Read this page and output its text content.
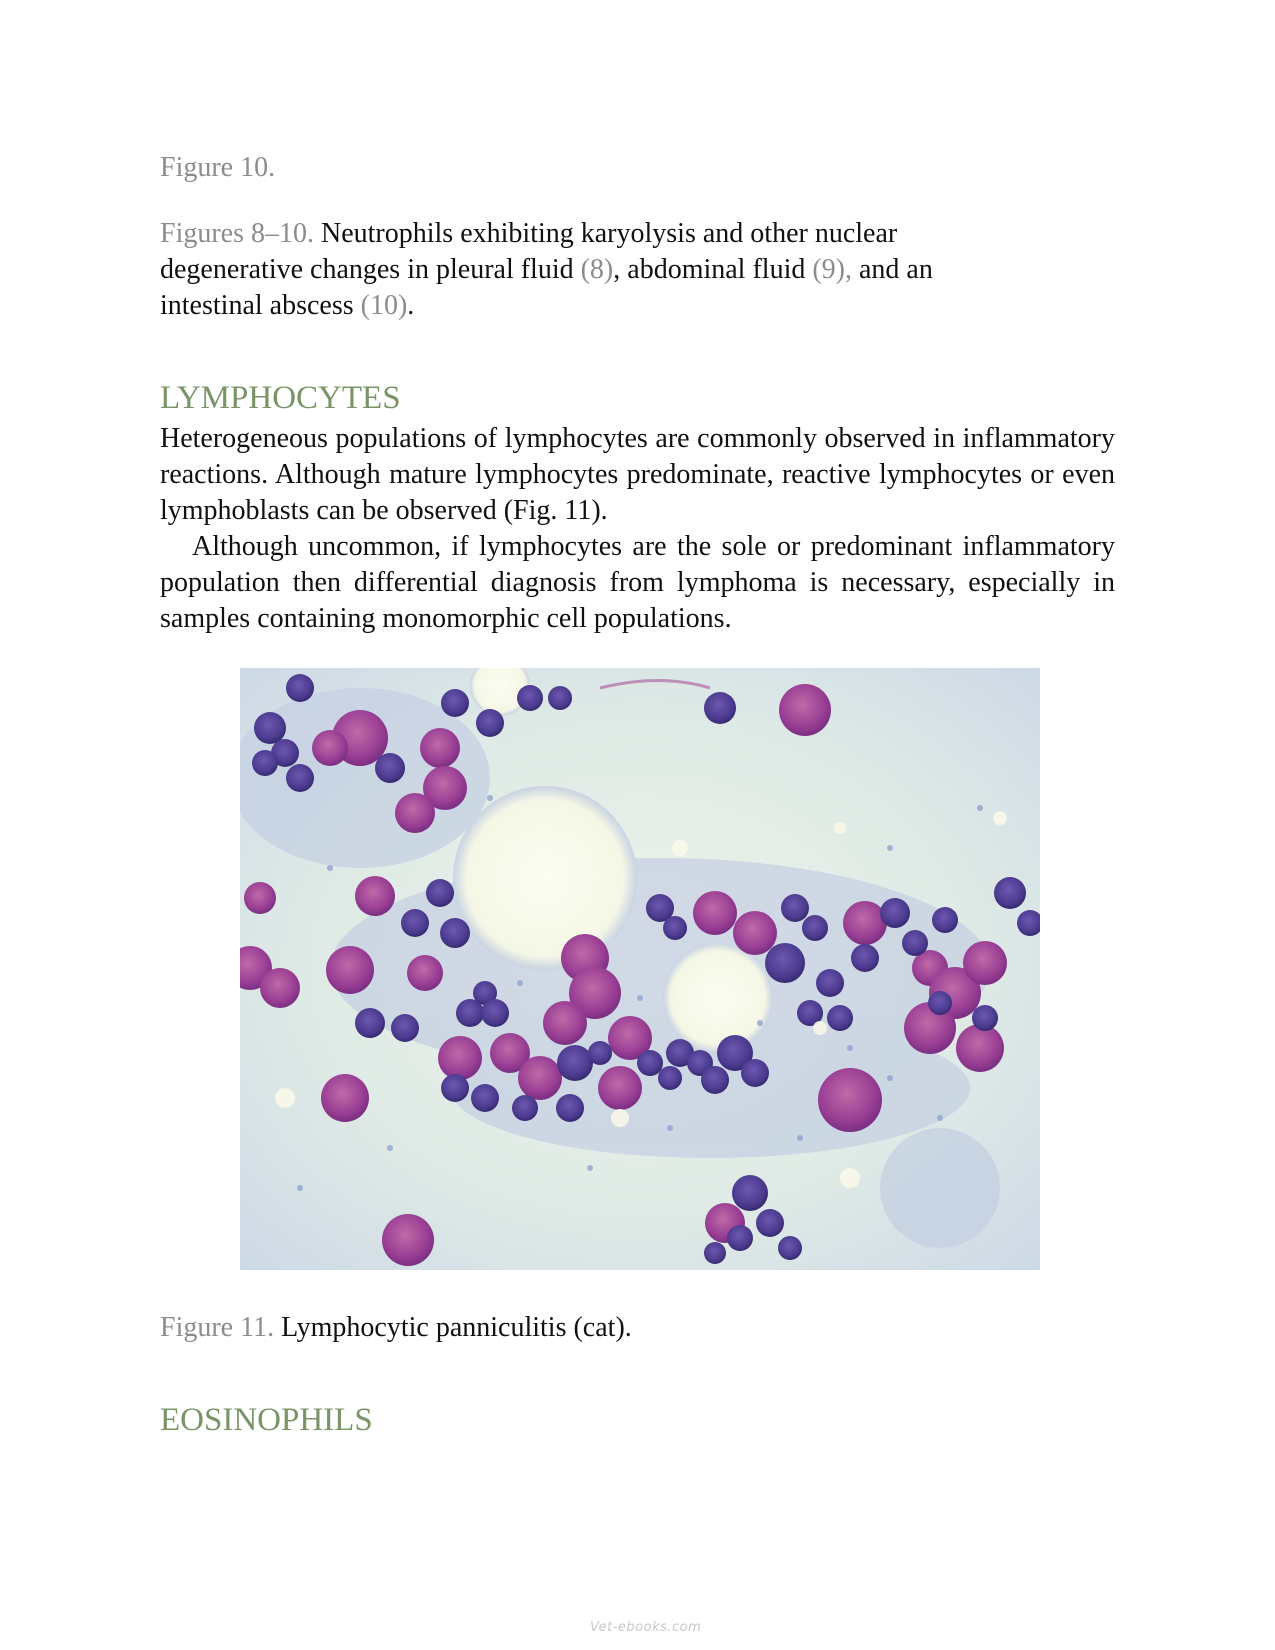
Figure 10.
Figures 8–10. Neutrophils exhibiting karyolysis and other nuclear
degenerative changes in pleural fluid (8), abdominal fluid (9), and an
intestinal abscess (10).
LYMPHOCYTES
Heterogeneous populations of lymphocytes are commonly observed in inflammatory reactions. Although mature lymphocytes predominate, reactive lymphocytes or even lymphoblasts can be observed (Fig. 11).
Although uncommon, if lymphocytes are the sole or predominant inflammatory population then differential diagnosis from lymphoma is necessary, especially in samples containing monomorphic cell populations.
Figure 11. Lymphocytic panniculitis (cat).
EOSINOPHILS
Vet-ebooks.com
